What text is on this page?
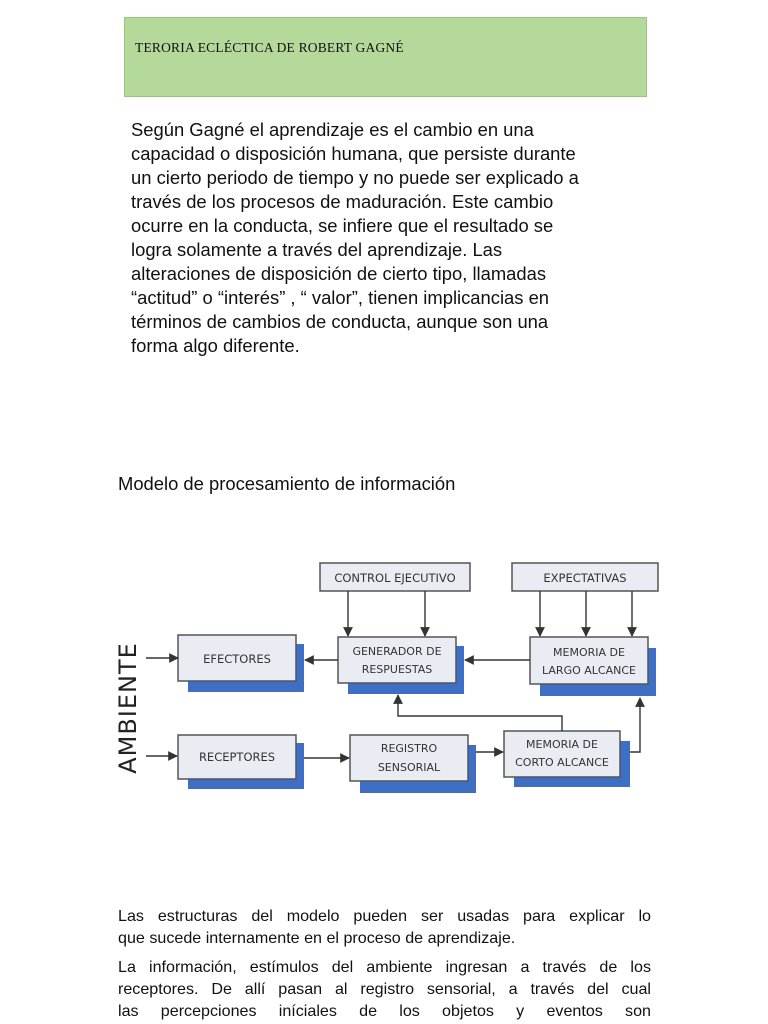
TERORIA ECLÉCTICA DE ROBERT GAGNÉ
Según Gagné el aprendizaje es el cambio en una
capacidad o disposición humana, que persiste durante
un cierto periodo de tiempo y no puede ser explicado a
través de los procesos de maduración. Este cambio
ocurre en la conducta, se infiere que el resultado se
logra solamente a través del aprendizaje. Las
alteraciones de disposición de cierto tipo, llamadas
“actitud” o “interés” , “ valor”, tienen implicancias en
términos de cambios de conducta, aunque son una
forma algo diferente.
Modelo de procesamiento de información
AMBIENTE
CONTROL EJECUTIVO	EXPECTATIVAS
EFECTORES
GENERADOR DE
RESPUESTAS
MEMORIA DE
LARGO ALCANCE
RECEPTORES
REGISTRO
SENSORIAL
MEMORIA DE
CORTO ALCANCE
Las estructuras del modelo pueden ser usadas para explicar lo
que sucede internamente en el proceso de aprendizaje.
La información, estímulos del ambiente ingresan a través de los
receptores. De allí pasan al registro sensorial, a través del cual
las percepciones iníciales de los objetos y eventos son
